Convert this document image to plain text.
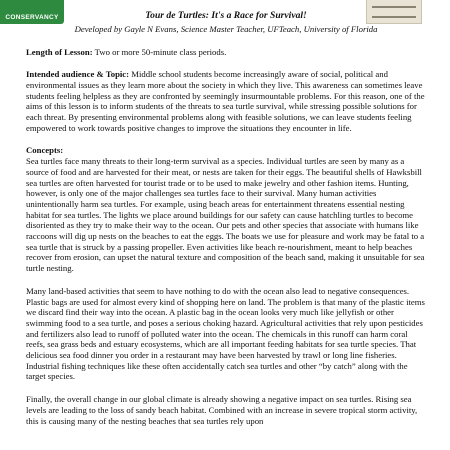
CONSERVANCY	Tour de Turtles: It's a Race for Survival!
Developed by Gayle N Evans, Science Master Teacher, UFTeach, University of Florida

Length of Lesson: Two or more 50-minute class periods.

Intended audience & Topic: Middle school students become increasingly aware of social, political and environmental issues as they learn more about the society in which they live. This awareness can sometimes leave students feeling helpless as they are confronted by seemingly insurmountable problems. For this reason, one of the aims of this lesson is to inform students of the threats to sea turtle survival, while stressing possible solutions for each threat. By presenting environmental problems along with feasible solutions, we can leave students feeling empowered to work towards positive changes to improve the situations they encounter in life.

Concepts:

Sea turtles face many threats to their long-term survival as a species. Individual turtles are seen by many as a source of food and are harvested for their meat, or nests are taken for their eggs. The beautiful shells of Hawksbill sea turtles are often harvested for tourist trade or to be used to make jewelry and other fashion items. Hunting, however, is only one of the major challenges sea turtles face to their survival. Many human activities unintentionally harm sea turtles. For example, using beach areas for entertainment threatens essential nesting habitat for sea turtles. The lights we place around buildings for our safety can cause hatchling turtles to become disoriented as they try to make their way to the ocean. Our pets and other species that associate with humans like raccoons will dig up nests on the beaches to eat the eggs. The boats we use for pleasure and work may be fatal to a sea turtle that is struck by a passing propeller. Even activities like beach re-nourishment, meant to help beaches recover from erosion, can upset the natural texture and composition of the beach sand, making it unsuitable for sea turtle nesting.

Many land-based activities that seem to have nothing to do with the ocean also lead to negative consequences. Plastic bags are used for almost every kind of shopping here on land. The problem is that many of the plastic items we discard find their way into the ocean. A plastic bag in the ocean looks very much like jellyfish or other swimming food to a sea turtle, and poses a serious choking hazard. Agricultural activities that rely upon pesticides and fertilizers also lead to runoff of polluted water into the ocean. The chemicals in this runoff can harm coral reefs, sea grass beds and estuary ecosystems, which are all important feeding habitats for sea turtle species. That delicious sea food dinner you order in a restaurant may have been harvested by trawl or long line fisheries. Industrial fishing techniques like these often accidentally catch sea turtles and other “by catch” along with the target species.

Finally, the overall change in our global climate is already showing a negative impact on sea turtles. Rising sea levels are leading to the loss of sandy beach habitat. Combined with an increase in severe tropical storm activity, this is causing many of the nesting beaches that sea turtles rely upon
